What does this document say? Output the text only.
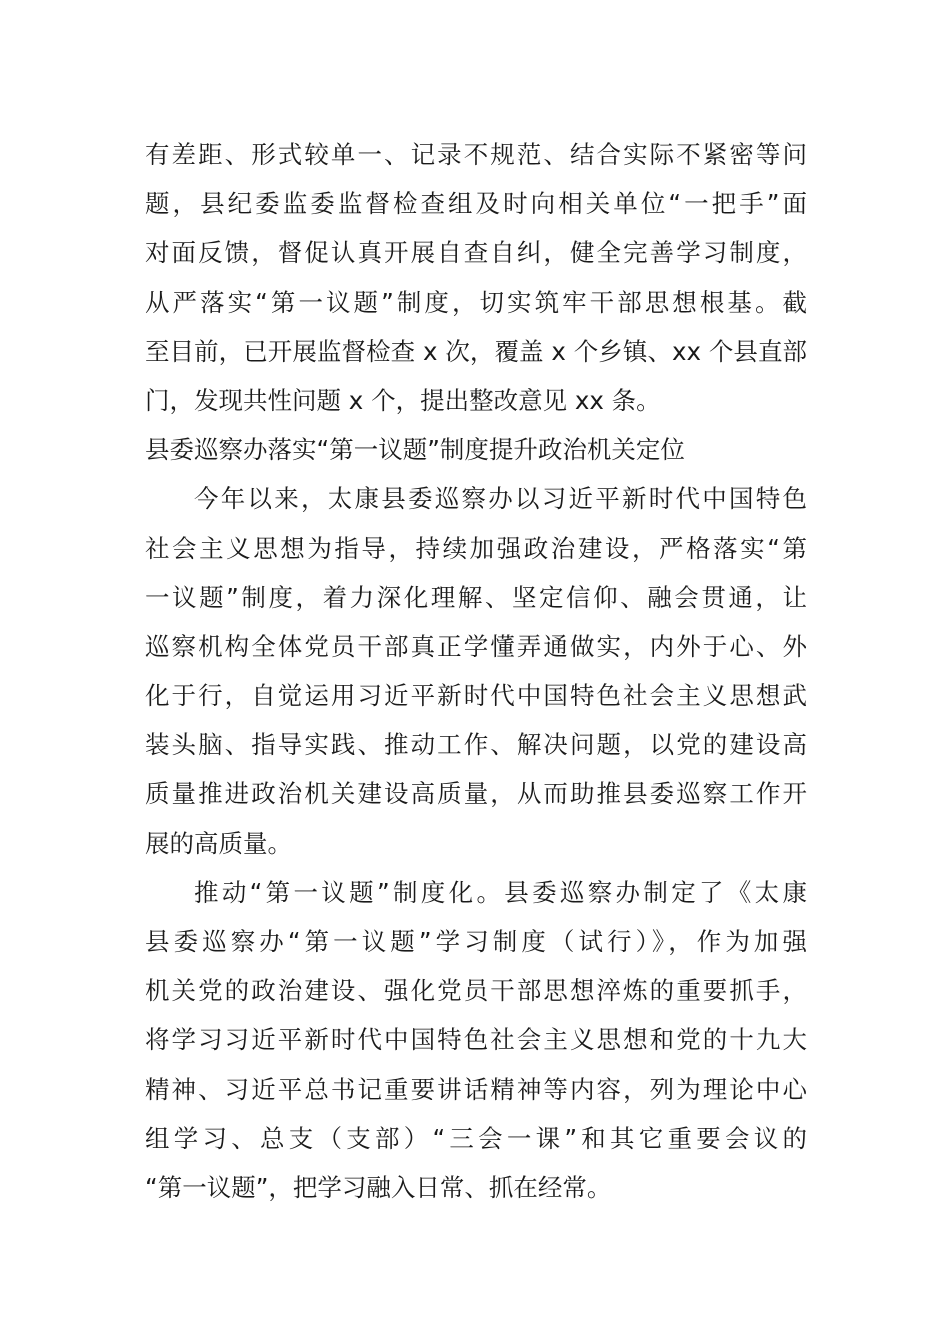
有差距、形式较单一、记录不规范、结合实际不紧密等问
题，县纪委监委监督检查组及时向相关单位“一把手”面
对面反馈，督促认真开展自查自纠，健全完善学习制度，
从严落实“第一议题”制度，切实筑牢干部思想根基。截
至目前，已开展监督检查 x 次，覆盖 x 个乡镇、xx 个县直部
门，发现共性问题 x 个，提出整改意见 xx 条。
县委巡察办落实“第一议题”制度提升政治机关定位
今年以来，太康县委巡察办以习近平新时代中国特色
社会主义思想为指导，持续加强政治建设，严格落实“第
一议题”制度，着力深化理解、坚定信仰、融会贯通，让
巡察机构全体党员干部真正学懂弄通做实，内外于心、外
化于行，自觉运用习近平新时代中国特色社会主义思想武
装头脑、指导实践、推动工作、解决问题，以党的建设高
质量推进政治机关建设高质量，从而助推县委巡察工作开
展的高质量。
推动“第一议题”制度化。县委巡察办制定了《太康
县委巡察办“第一议题”学习制度（试行）》，作为加强
机关党的政治建设、强化党员干部思想淬炼的重要抓手，
将学习习近平新时代中国特色社会主义思想和党的十九大
精神、习近平总书记重要讲话精神等内容，列为理论中心
组学习、总支（支部）“三会一课”和其它重要会议的
“第一议题”，把学习融入日常、抓在经常。
